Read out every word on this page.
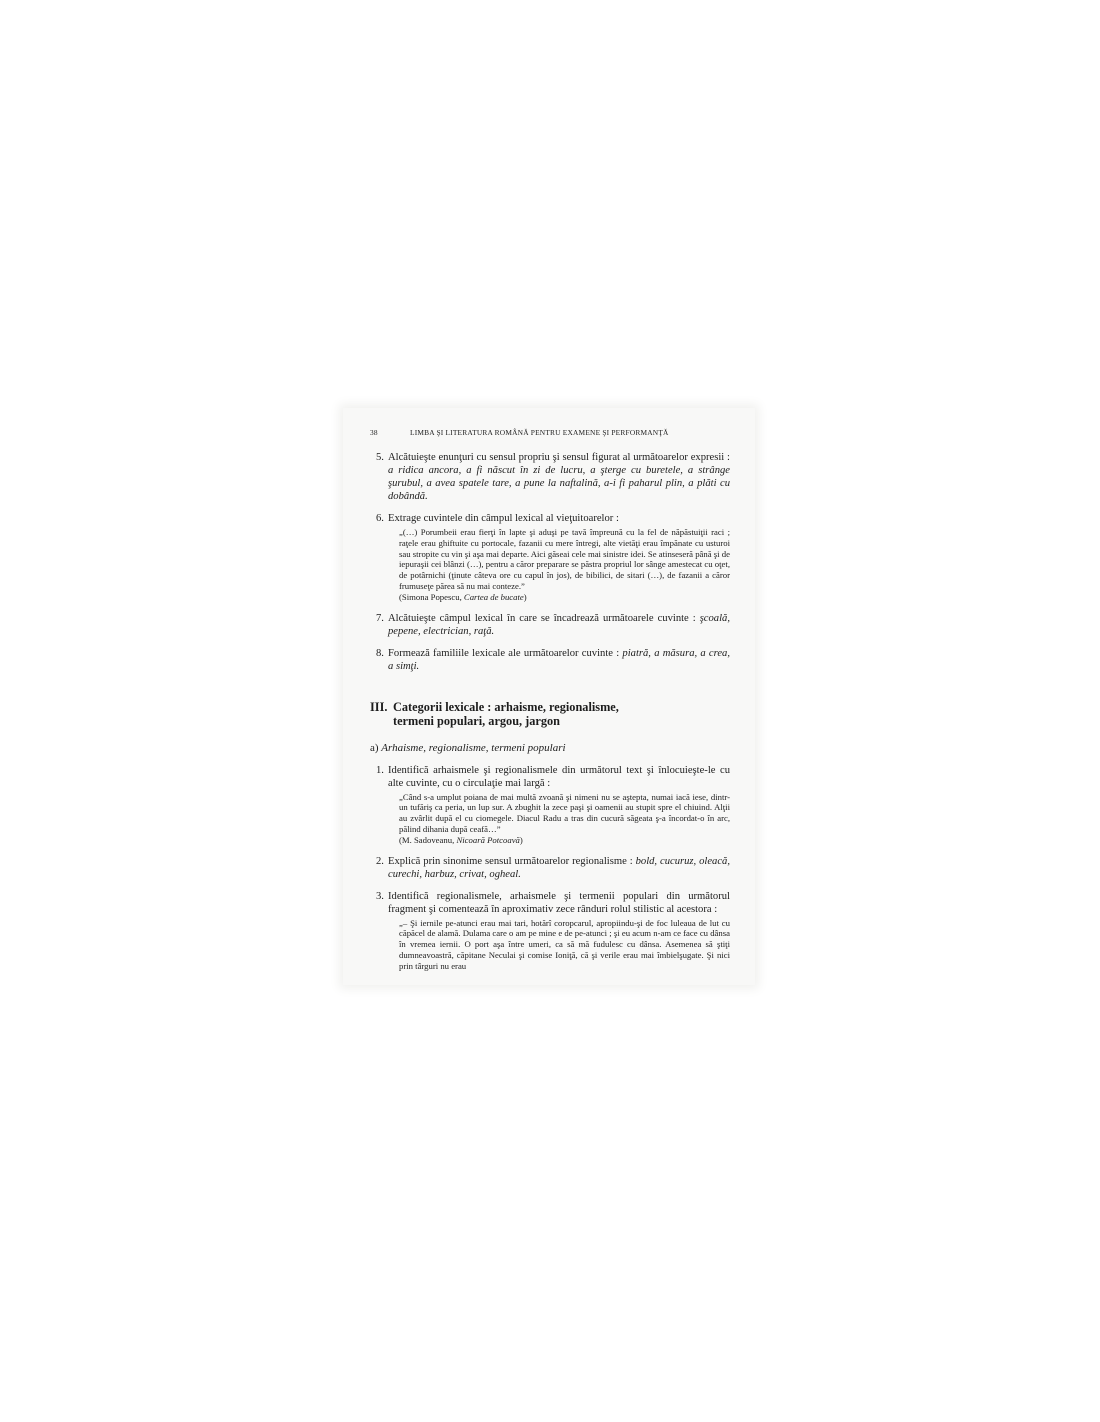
38	LIMBA ŞI LITERATURA ROMÂNĂ PENTRU EXAMENE ŞI PERFORMANŢĂ
5. Alcătuieşte enunţuri cu sensul propriu şi sensul figurat al următoarelor expresii : a ridica ancora, a fi născut în zi de lucru, a şterge cu buretele, a strânge şurubul, a avea spatele tare, a pune la naftalină, a-i fi paharul plin, a plăti cu dobândă.

6. Extrage cuvintele din câmpul lexical al vieţuitoarelor :

„(…) Porumbeii erau fierţi în lapte şi aduşi pe tavă împreună cu la fel de năpăstuiţii raci ; raţele erau ghiftuite cu portocale, fazanii cu mere întregi, alte vietăţi erau împănate cu usturoi sau stropite cu vin şi aşa mai departe. Aici găseai cele mai sinistre idei. Se atinseseră până şi de iepuraşii cei blânzi (…), pentru a căror preparare se păstra propriul lor sânge amestecat cu oţet, de potârnichi (ţinute câteva ore cu capul în jos), de bibilici, de sitari (…), de fazanii a căror frumuseţe părea să nu mai conteze.”

(Simona Popescu, Cartea de bucate)

7. Alcătuieşte câmpul lexical în care se încadrează următoarele cuvinte : şcoală, pepene, electrician, raţă.

8. Formează familiile lexicale ale următoarelor cuvinte : piatră, a măsura, a crea, a simţi.

III. Categorii lexicale : arhaisme, regionalisme,
termeni populari, argou, jargon
a) Arhaisme, regionalisme, termeni populari
1. Identifică arhaismele şi regionalismele din următorul text şi înlocuieşte-le cu alte cuvinte, cu o circulaţie mai largă :

„Când s-a umplut poiana de mai multă zvoană şi nimeni nu se aştepta, numai iacă iese, dintr-un tufăriş ca peria, un lup sur. A zbughit la zece paşi şi oamenii au stupit spre el chiuind. Alţii au zvârlit după el cu ciomegele. Diacul Radu a tras din cucură săgeata ş-a încordat-o în arc, pălind dihania după ceafă…”

(M. Sadoveanu, Nicoară Potcoavă)

2. Explică prin sinonime sensul următoarelor regionalisme : bold, cucuruz, oleacă, curechi, harbuz, crivat, ogheal.

3. Identifică regionalismele, arhaismele şi termenii populari din următorul fragment şi comentează în aproximativ zece rânduri rolul stilistic al acestora :

„– Şi iernile pe-atunci erau mai tari, hotărî coropcarul, apropiindu-şi de foc luleaua de lut cu căpăcel de alamă. Dulama care o am pe mine e de pe-atunci ; şi eu acum n-am ce face cu dânsa în vremea iernii. O port aşa între umeri, ca să mă fudulesc cu dânsa. Asemenea să ştiţi dumneavoastră, căpitane Neculai şi comise Ioniţă, că şi verile erau mai îmbielşugate. Şi nici prin târguri nu erau
